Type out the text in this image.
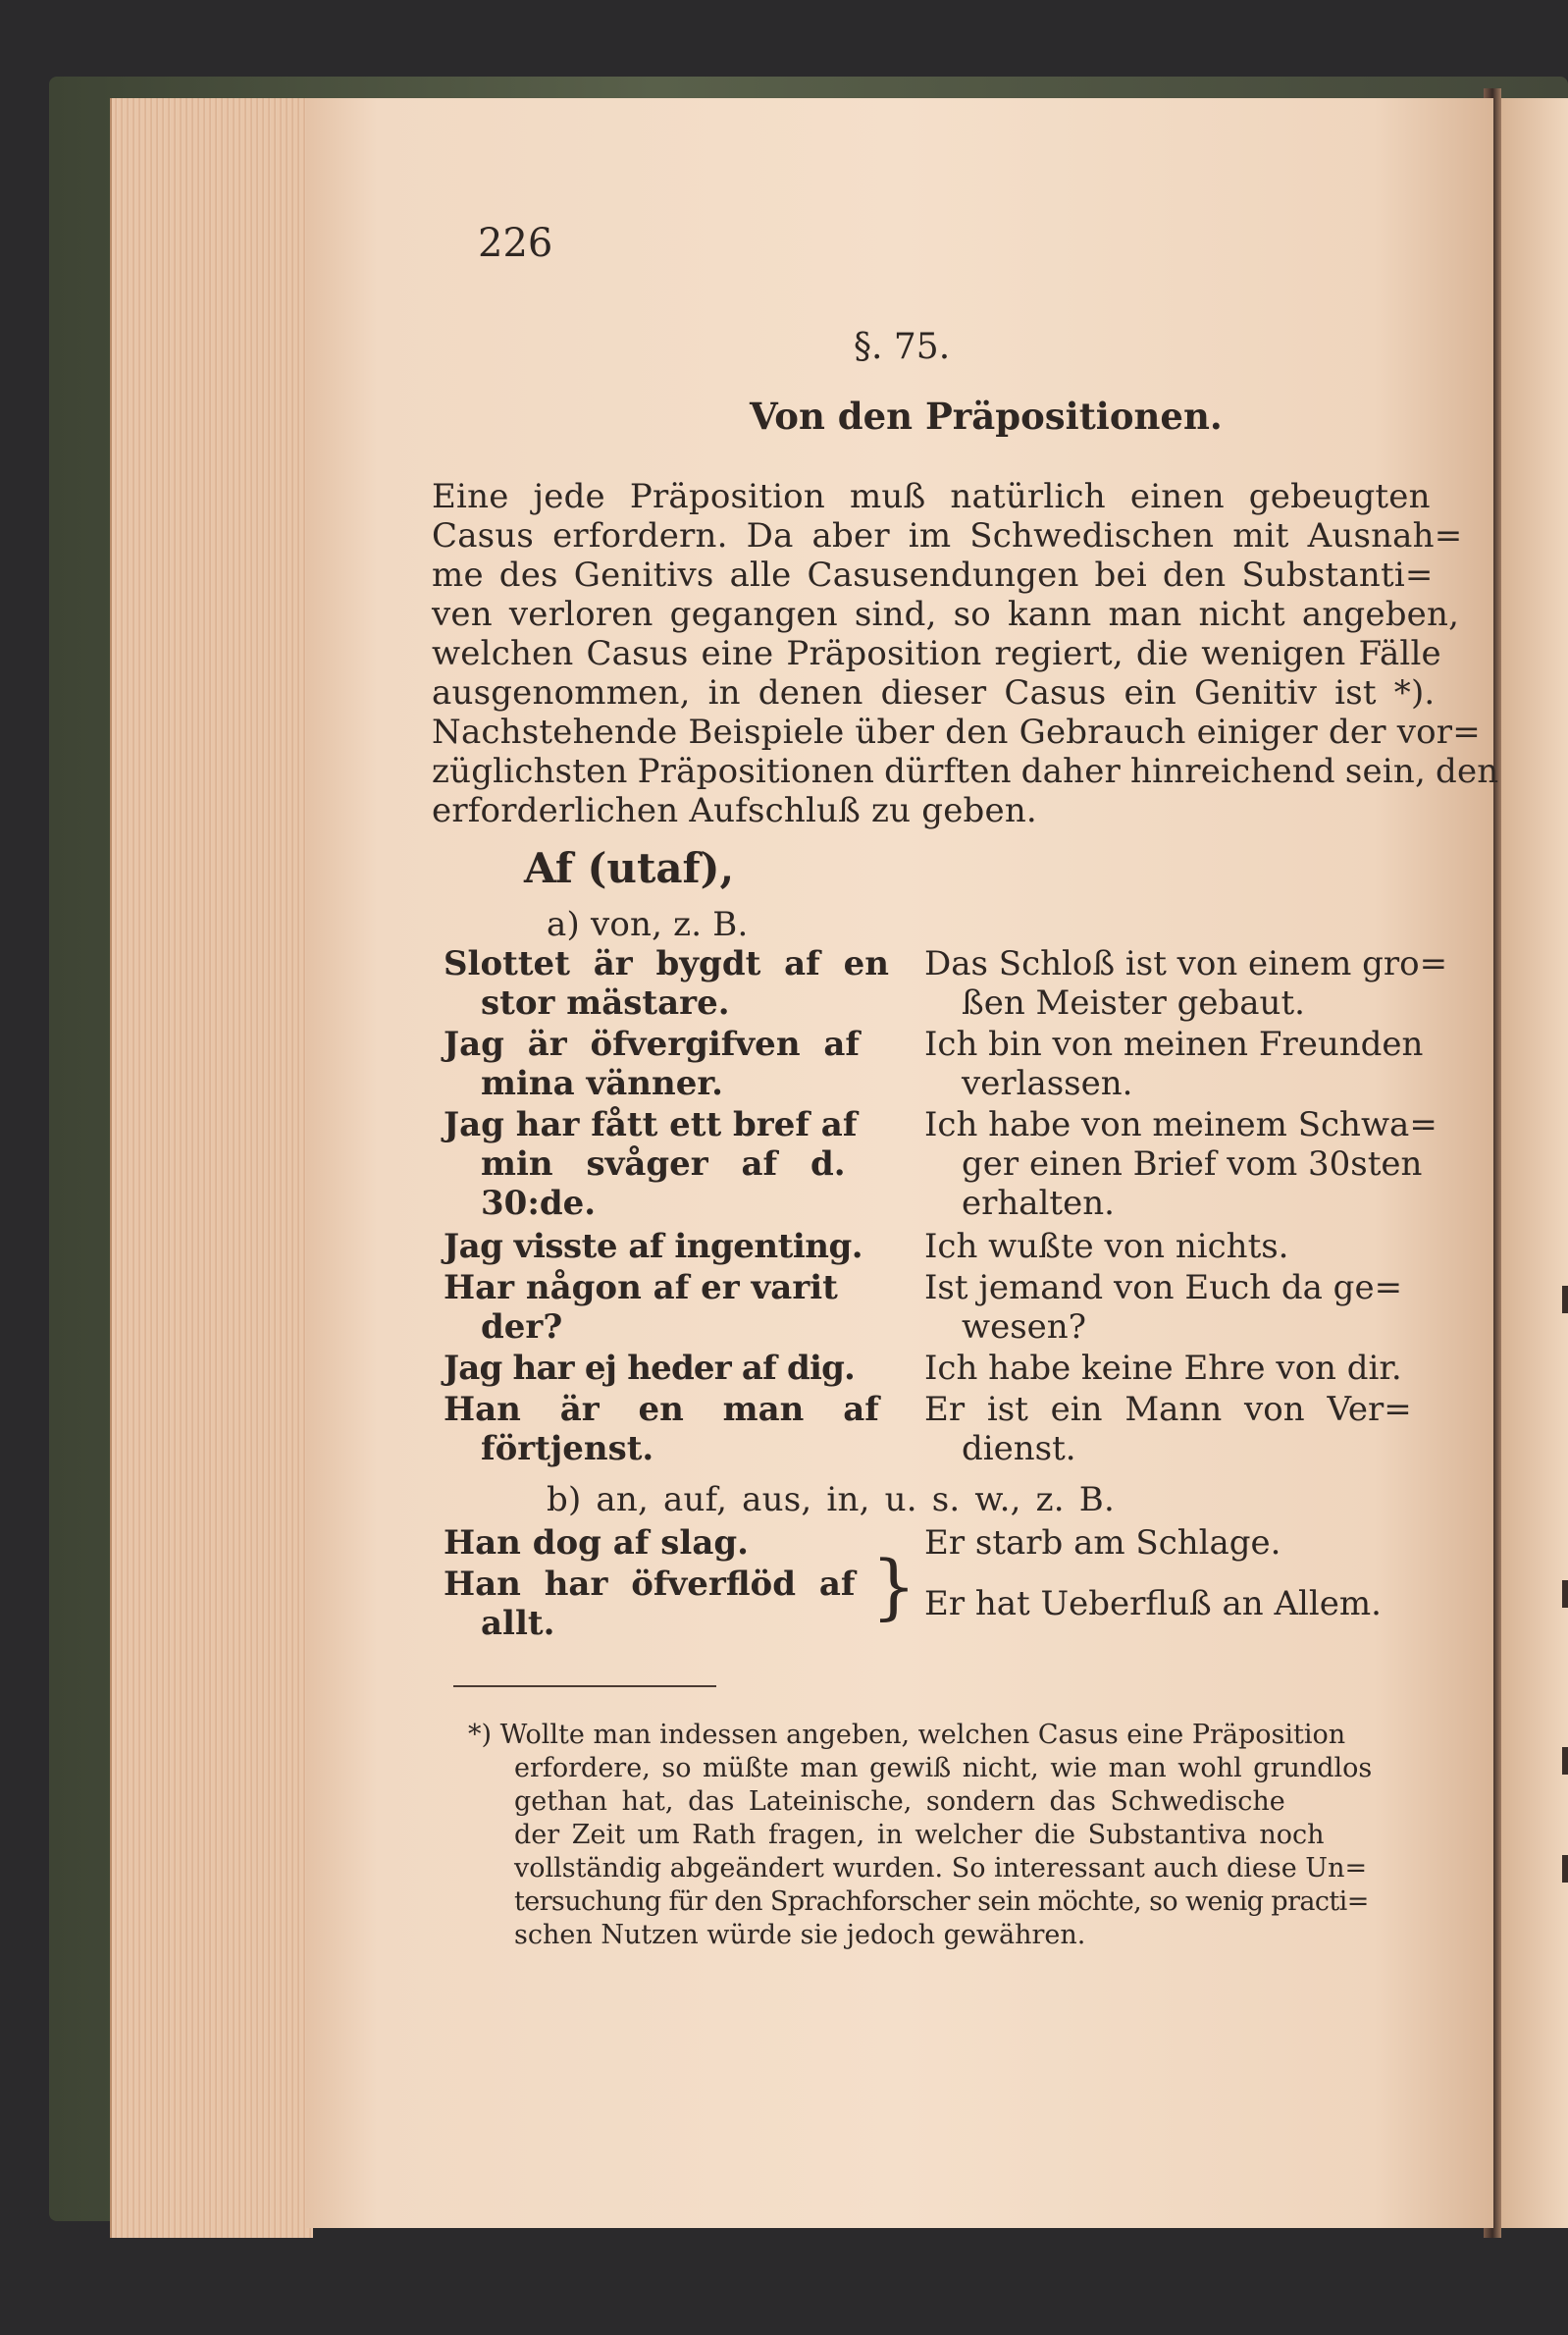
226
§. 75.
Von den Präpositionen.
Eine jede Präposition muß natürlich einen gebeugten
Casus erfordern. Da aber im Schwedischen mit Ausnah=
me des Genitivs alle Casusendungen bei den Substanti=
ven verloren gegangen sind, so kann man nicht angeben,
welchen Casus eine Präposition regiert, die wenigen Fälle
ausgenommen, in denen dieser Casus ein Genitiv ist *).
Nachstehende Beispiele über den Gebrauch einiger der vor=
züglichsten Präpositionen dürften daher hinreichend sein, den
erforderlichen Aufschluß zu geben.
Af (utaf),
a) von, z. B.
Slottet är bygdt af en
stor mästare.
Das Schloß ist von einem gro=
ßen Meister gebaut.
Jag är öfvergifven af
mina vänner.
Ich bin von meinen Freunden
verlassen.
Jag har fått ett bref af
min svåger af d.
30:de.
Ich habe von meinem Schwa=
ger einen Brief vom 30sten
erhalten.
Jag visste af ingenting. Ich wußte von nichts.
Har någon af er varit
der?
Ist jemand von Euch da ge=
wesen?
Jag har ej heder af dig. Ich habe keine Ehre von dir.
Han är en man af
förtjenst.
Er ist ein Mann von Ver=
dienst.
b) an, auf, aus, in, u. s. w., z. B.
Han dog af slag.	Er starb am Schlage.
Han har öfverflöd af
allt.	} Er hat Ueberfluß an Allem.
*) Wollte man indessen angeben, welchen Casus eine Präposition
erfordere, so müßte man gewiß nicht, wie man wohl grundlos
gethan hat, das Lateinische, sondern das Schwedische
der Zeit um Rath fragen, in welcher die Substantiva noch
vollständig abgeändert wurden. So interessant auch diese Un=
tersuchung für den Sprachforscher sein möchte, so wenig practi=
schen Nutzen würde sie jedoch gewähren.
